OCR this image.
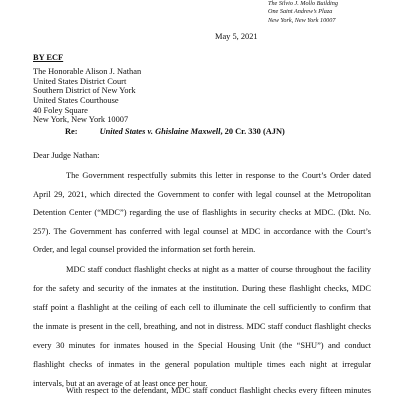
The Silvio J. Mollo Building
One Saint Andrew’s Plaza
New York, New York 10007
May 5, 2021
BY ECF
The Honorable Alison J. Nathan
United States District Court
Southern District of New York
United States Courthouse
40 Foley Square
New York, New York 10007
Re:	United States v. Ghislaine Maxwell, 20 Cr. 330 (AJN)
Dear Judge Nathan:
The Government respectfully submits this letter in response to the Court’s Order dated
April 29, 2021, which directed the Government to confer with legal counsel at the Metropolitan
Detention Center (“MDC”) regarding the use of flashlights in security checks at MDC. (Dkt. No.
257). The Government has conferred with legal counsel at MDC in accordance with the Court’s
Order, and legal counsel provided the information set forth herein.
MDC staff conduct flashlight checks at night as a matter of course throughout the facility
for the safety and security of the inmates at the institution. During these flashlight checks, MDC
staff point a flashlight at the ceiling of each cell to illuminate the cell sufficiently to confirm that
the inmate is present in the cell, breathing, and not in distress. MDC staff conduct flashlight checks
every 30 minutes for inmates housed in the Special Housing Unit (the “SHU”) and conduct
flashlight checks of inmates in the general population multiple times each night at irregular
intervals, but at an average of at least once per hour.
With respect to the defendant, MDC staff conduct flashlight checks every fifteen minutes
